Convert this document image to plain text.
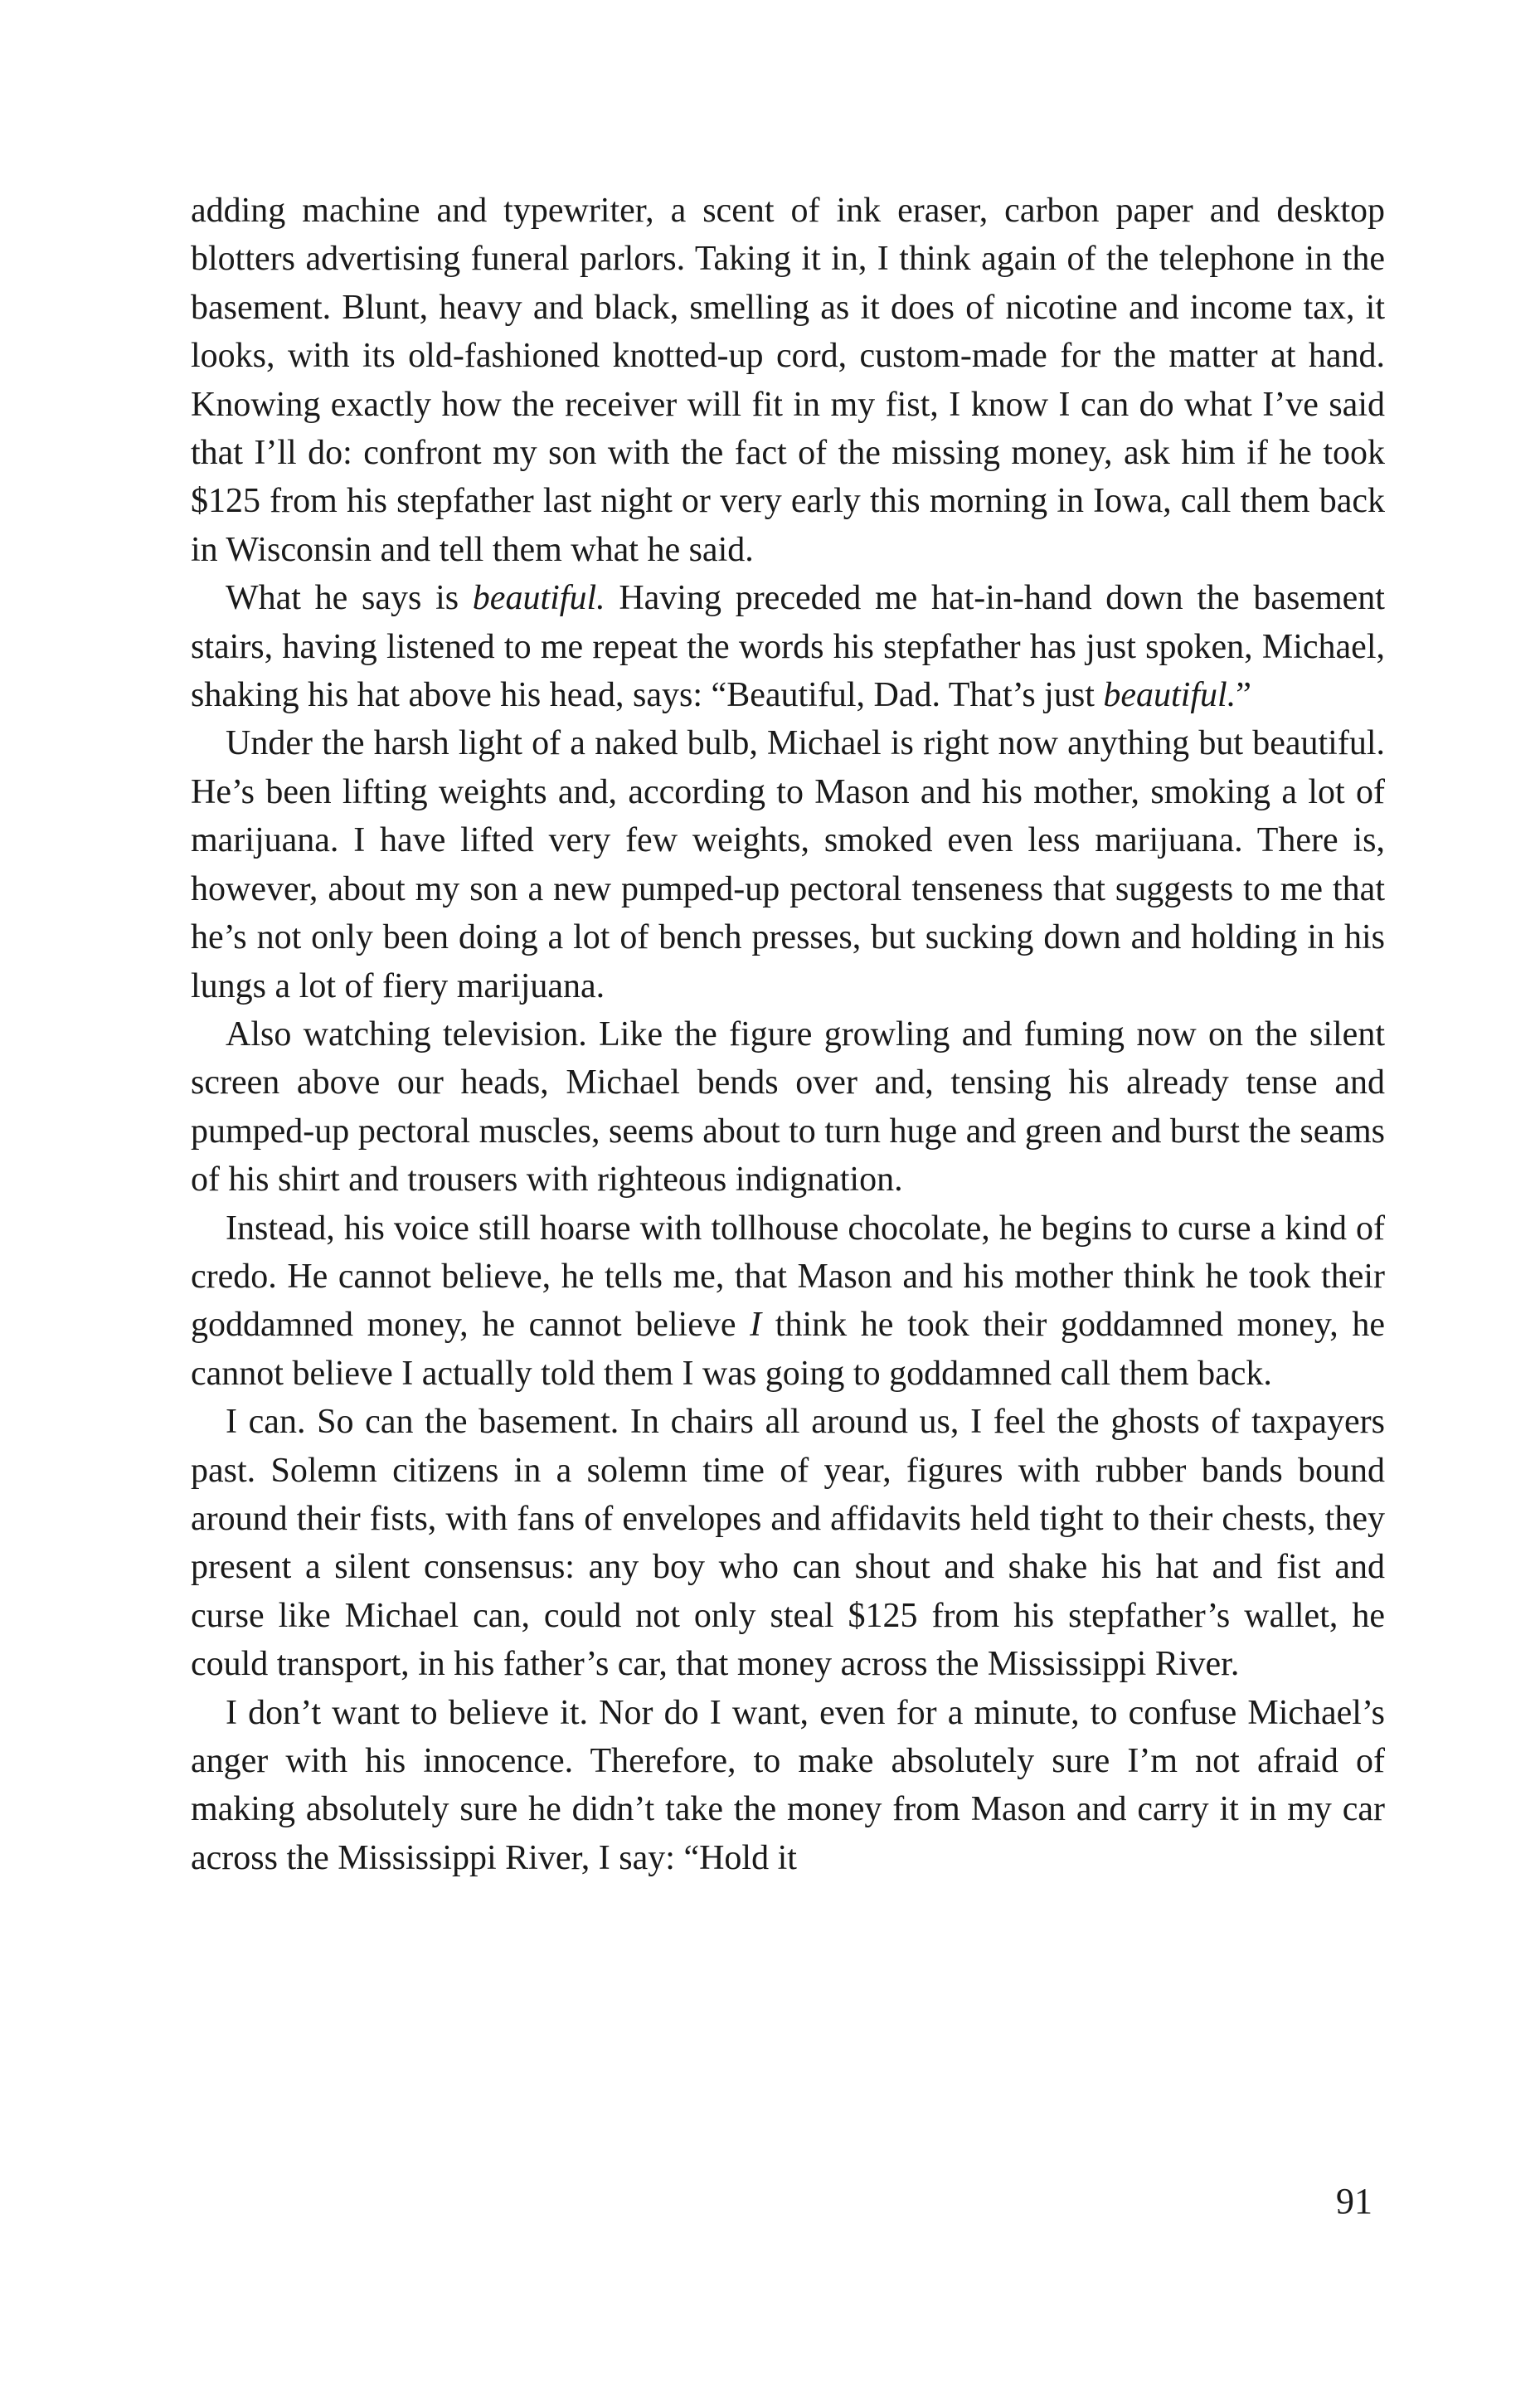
adding machine and typewriter, a scent of ink eraser, carbon paper and desktop blotters advertising funeral parlors. Taking it in, I think again of the telephone in the basement. Blunt, heavy and black, smelling as it does of nicotine and income tax, it looks, with its old-fashioned knotted-up cord, custom-made for the matter at hand. Knowing exactly how the receiver will fit in my fist, I know I can do what I’ve said that I’ll do: confront my son with the fact of the missing money, ask him if he took $125 from his stepfather last night or very early this morning in Iowa, call them back in Wisconsin and tell them what he said.

What he says is beautiful. Having preceded me hat-in-hand down the basement stairs, having listened to me repeat the words his stepfather has just spoken, Michael, shaking his hat above his head, says: “Beautiful, Dad. That’s just beautiful.”

Under the harsh light of a naked bulb, Michael is right now anything but beautiful. He’s been lifting weights and, according to Mason and his mother, smoking a lot of marijuana. I have lifted very few weights, smoked even less marijuana. There is, however, about my son a new pumped-up pectoral tenseness that suggests to me that he’s not only been doing a lot of bench presses, but sucking down and holding in his lungs a lot of fiery marijuana.

Also watching television. Like the figure growling and fuming now on the silent screen above our heads, Michael bends over and, tensing his already tense and pumped-up pectoral muscles, seems about to turn huge and green and burst the seams of his shirt and trousers with righteous indignation.

Instead, his voice still hoarse with tollhouse chocolate, he begins to curse a kind of credo. He cannot believe, he tells me, that Mason and his mother think he took their goddamned money, he cannot believe I think he took their goddamned money, he cannot believe I actually told them I was going to goddamned call them back.

I can. So can the basement. In chairs all around us, I feel the ghosts of taxpayers past. Solemn citizens in a solemn time of year, figures with rubber bands bound around their fists, with fans of envelopes and affidavits held tight to their chests, they present a silent consensus: any boy who can shout and shake his hat and fist and curse like Michael can, could not only steal $125 from his stepfather’s wallet, he could transport, in his father’s car, that money across the Mississippi River.

I don’t want to believe it. Nor do I want, even for a minute, to confuse Michael’s anger with his innocence. Therefore, to make absolutely sure I’m not afraid of making absolutely sure he didn’t take the money from Mason and carry it in my car across the Mississippi River, I say: “Hold it

91
